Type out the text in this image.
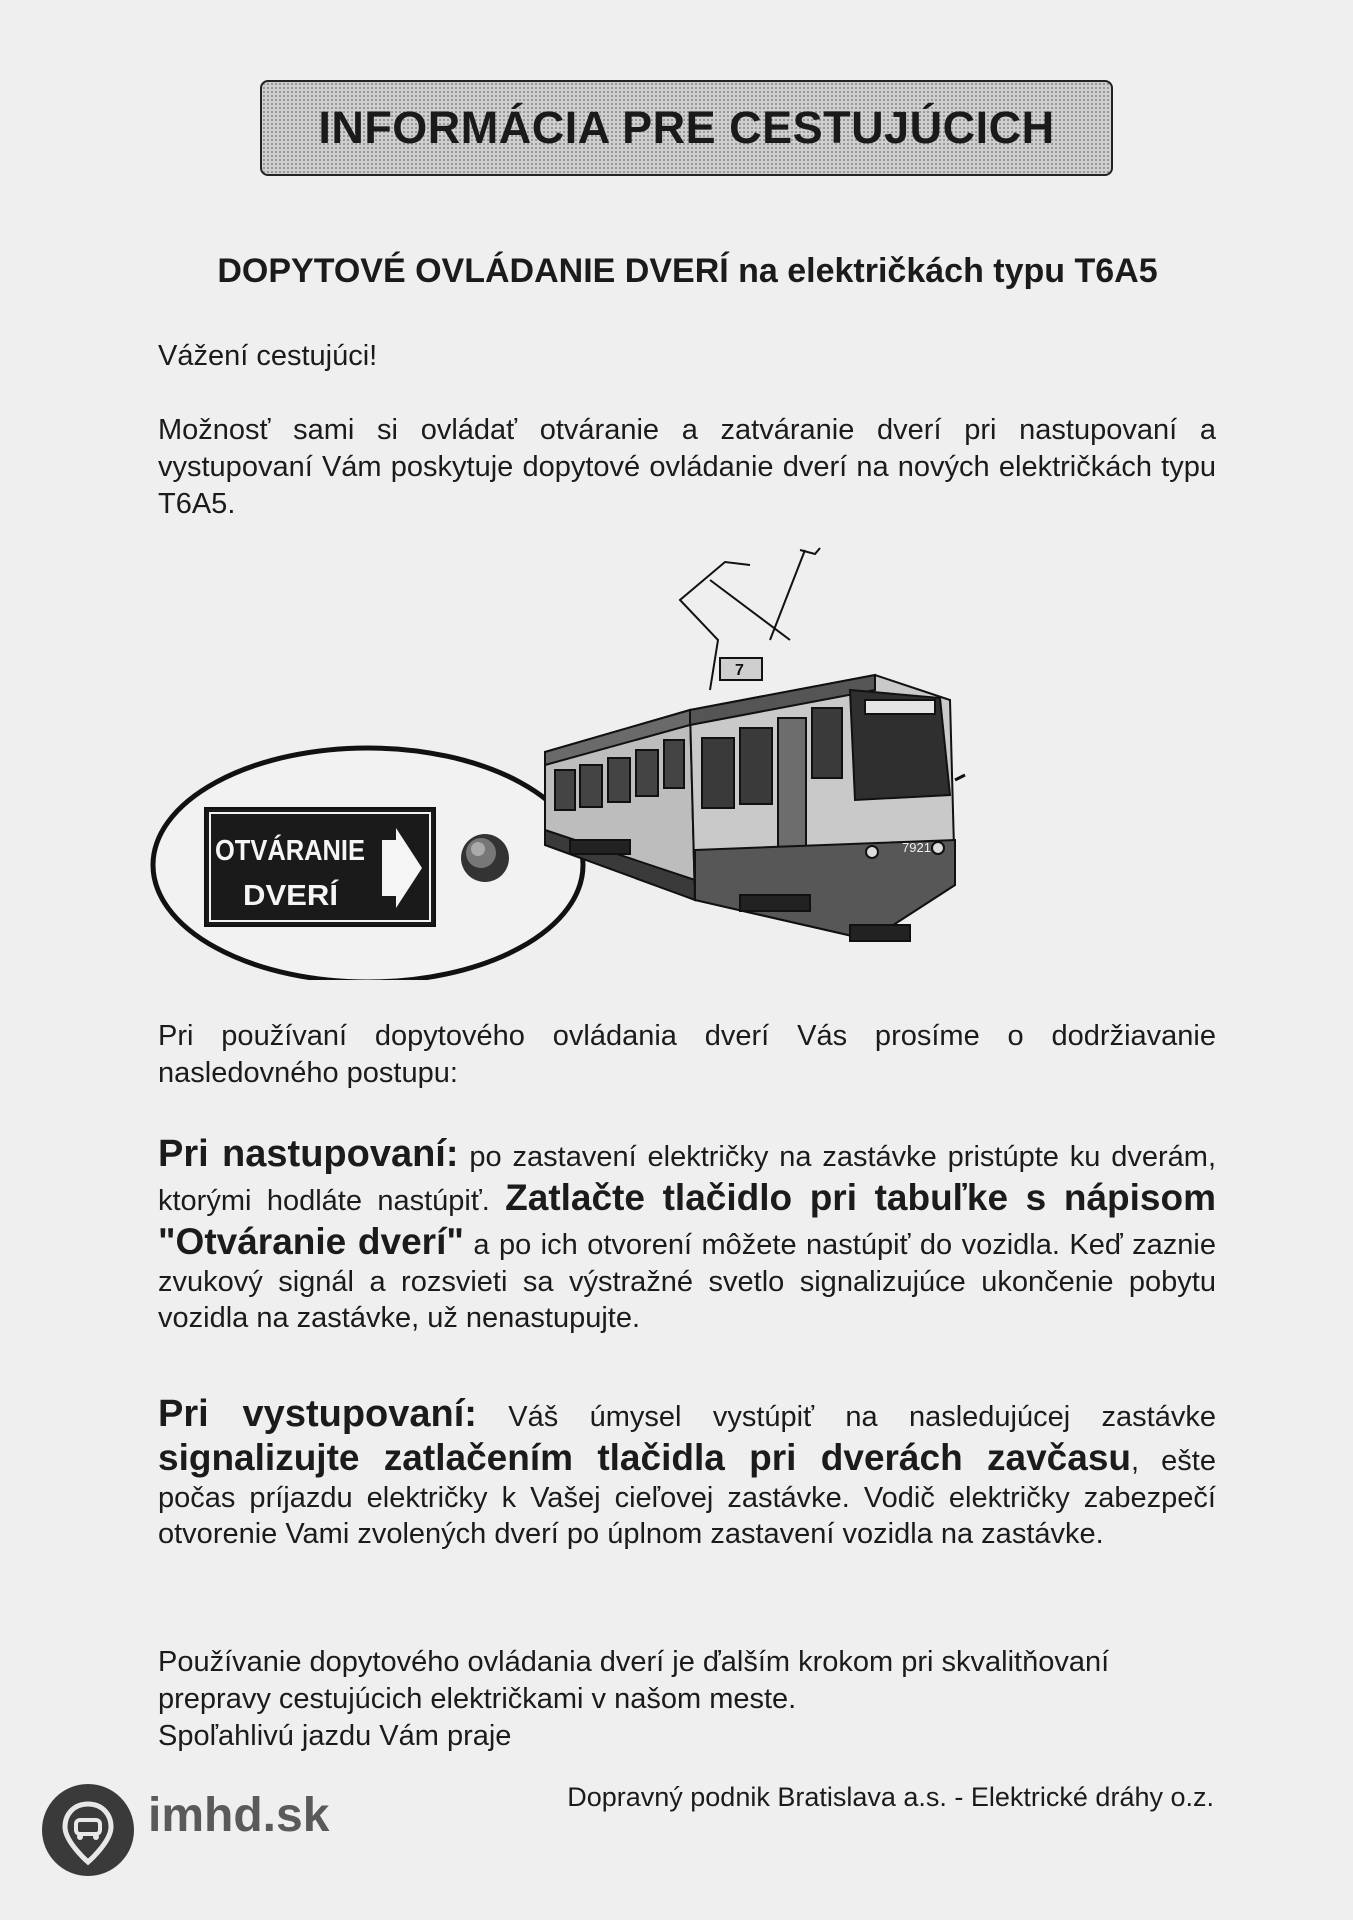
INFORMÁCIA PRE CESTUJÚCICH
DOPYTOVÉ OVLÁDANIE DVERÍ na električkách typu T6A5
Vážení cestujúci!
Možnosť sami si ovládať otváranie a zatváranie dverí pri nastupovaní a vystupovaní Vám poskytuje dopytové ovládanie dverí na nových električkách typu T6A5.
OTVÁRANIE
DVERÍ
7
7921
Pri používaní dopytového ovládania dverí Vás prosíme o dodržiavanie nasledovného postupu:
Pri nastupovaní: po zastavení električky na zastávke pristúpte ku dverám, ktorými hodláte nastúpiť. Zatlačte tlačidlo pri tabuľke s nápisom "Otváranie dverí" a po ich otvorení môžete nastúpiť do vozidla. Keď zaznie zvukový signál a rozsvieti sa výstražné svetlo signalizujúce ukončenie pobytu vozidla na zastávke, už nenastupujte.
Pri vystupovaní: Váš úmysel vystúpiť na nasledujúcej zastávke signalizujte zatlačením tlačidla pri dverách zavčasu, ešte počas príjazdu električky k Vašej cieľovej zastávke. Vodič električky zabezpečí otvorenie Vami zvolených dverí po úplnom zastavení vozidla na zastávke.
Používanie dopytového ovládania dverí je ďalším krokom pri skvalitňovaní prepravy cestujúcich električkami v našom meste.
Spoľahlivú jazdu Vám praje
Dopravný podnik Bratislava a.s. - Elektrické dráhy o.z.
imhd.sk
